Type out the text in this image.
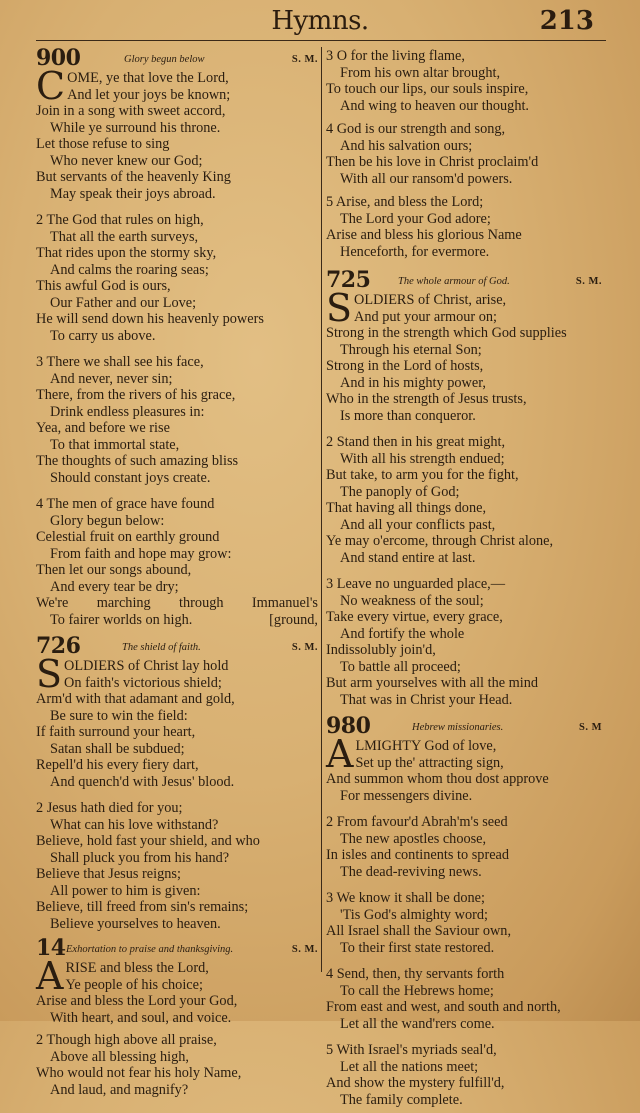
Hymns.	213
900	Glory begun below	S. M.
C OME, ye that love the Lord,
And let your joys be known;
Join in a song with sweet accord,
While ye surround his throne.
Let those refuse to sing
Who never knew our God;
But servants of the heavenly King
May speak their joys abroad.
2 The God that rules on high,
That all the earth surveys,
That rides upon the stormy sky,
And calms the roaring seas;
This awful God is ours,
Our Father and our Love;
He will send down his heavenly powers
To carry us above.
3 There we shall see his face,
And never, never sin;
There, from the rivers of his grace,
Drink endless pleasures in:
Yea, and before we rise
To that immortal state,
The thoughts of such amazing bliss
Should constant joys create.
4 The men of grace have found
Glory begun below:
Celestial fruit on earthly ground
From faith and hope may grow:
Then let our songs abound,
And every tear be dry;
We're marching through Immanuel's
To fairer worlds on high.	[ground,
726	The shield of faith.	S. M.
S OLDIERS of Christ lay hold
On faith's victorious shield;
Arm'd with that adamant and gold,
Be sure to win the field:
If faith surround your heart,
Satan shall be subdued;
Repell'd his every fiery dart,
And quench'd with Jesus' blood.
2 Jesus hath died for you;
What can his love withstand?
Believe, hold fast your shield, and who
Shall pluck you from his hand?
Believe that Jesus reigns;
All power to him is given:
Believe, till freed from sin's remains;
Believe yourselves to heaven.
14 Exhortation to praise and thanksgiving.	S. M.
A RISE and bless the Lord,
Ye people of his choice;
Arise and bless the Lord your God,
With heart, and soul, and voice.
2 Though high above all praise,
Above all blessing high,
Who would not fear his holy Name,
And laud, and magnify?
3 O for the living flame,
From his own altar brought,
To touch our lips, our souls inspire,
And wing to heaven our thought.
4 God is our strength and song,
And his salvation ours;
Then be his love in Christ proclaim'd
With all our ransom'd powers.
5 Arise, and bless the Lord;
The Lord your God adore;
Arise and bless his glorious Name
Henceforth, for evermore.
725	The whole armour of God.	S. M.
S OLDIERS of Christ, arise,
And put your armour on;
Strong in the strength which God supplies
Through his eternal Son;
Strong in the Lord of hosts,
And in his mighty power,
Who in the strength of Jesus trusts,
Is more than conqueror.
2 Stand then in his great might,
With all his strength endued;
But take, to arm you for the fight,
The panoply of God;
That having all things done,
And all your conflicts past,
Ye may o'ercome, through Christ alone,
And stand entire at last.
3 Leave no unguarded place,—
No weakness of the soul;
Take every virtue, every grace,
And fortify the whole
Indissolubly join'd,
To battle all proceed;
But arm yourselves with all the mind
That was in Christ your Head.
980	Hebrew missionaries.	S. M
A LMIGHTY God of love,
Set up the' attracting sign,
And summon whom thou dost approve
For messengers divine.
2 From favour'd Abrah'm's seed
The new apostles choose,
In isles and continents to spread
The dead-reviving news.
3 We know it shall be done;
'Tis God's almighty word;
All Israel shall the Saviour own,
To their first state restored.
4 Send, then, thy servants forth
To call the Hebrews home;
From east and west, and south and north,
Let all the wand'rers come.
5 With Israel's myriads seal'd,
Let all the nations meet;
And show the mystery fulfill'd,
The family complete.
